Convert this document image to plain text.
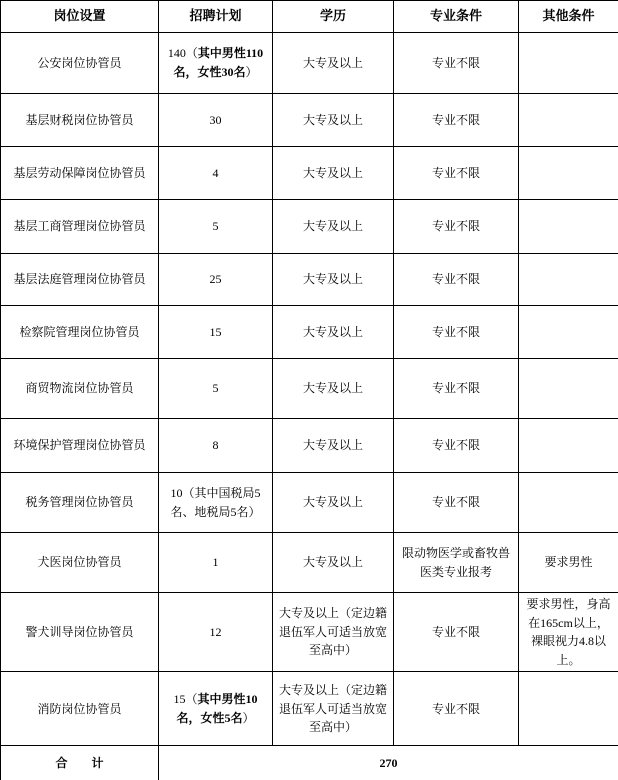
岗位设置	招聘计划	学历	专业条件	其他条件
公安岗位协管员	140（其中男性110名，女性30名）	大专及以上	专业不限	
基层财税岗位协管员	30	大专及以上	专业不限	
基层劳动保障岗位协管员	4	大专及以上	专业不限	
基层工商管理岗位协管员	5	大专及以上	专业不限	
基层法庭管理岗位协管员	25	大专及以上	专业不限	
检察院管理岗位协管员	15	大专及以上	专业不限	
商贸物流岗位协管员	5	大专及以上	专业不限	
环境保护管理岗位协管员	8	大专及以上	专业不限	
税务管理岗位协管员	10（其中国税局5名、地税局5名）	大专及以上	专业不限	
犬医岗位协管员	1	大专及以上	限动物医学或畜牧兽医类专业报考	要求男性
警犬训导岗位协管员	12	大专及以上（定边籍退伍军人可适当放宽至高中）	专业不限	要求男性，身高在165cm以上，裸眼视力4.8以上。
消防岗位协管员	15（其中男性10名，女性5名）	大专及以上（定边籍退伍军人可适当放宽至高中）	专业不限	
合　　计	270			
